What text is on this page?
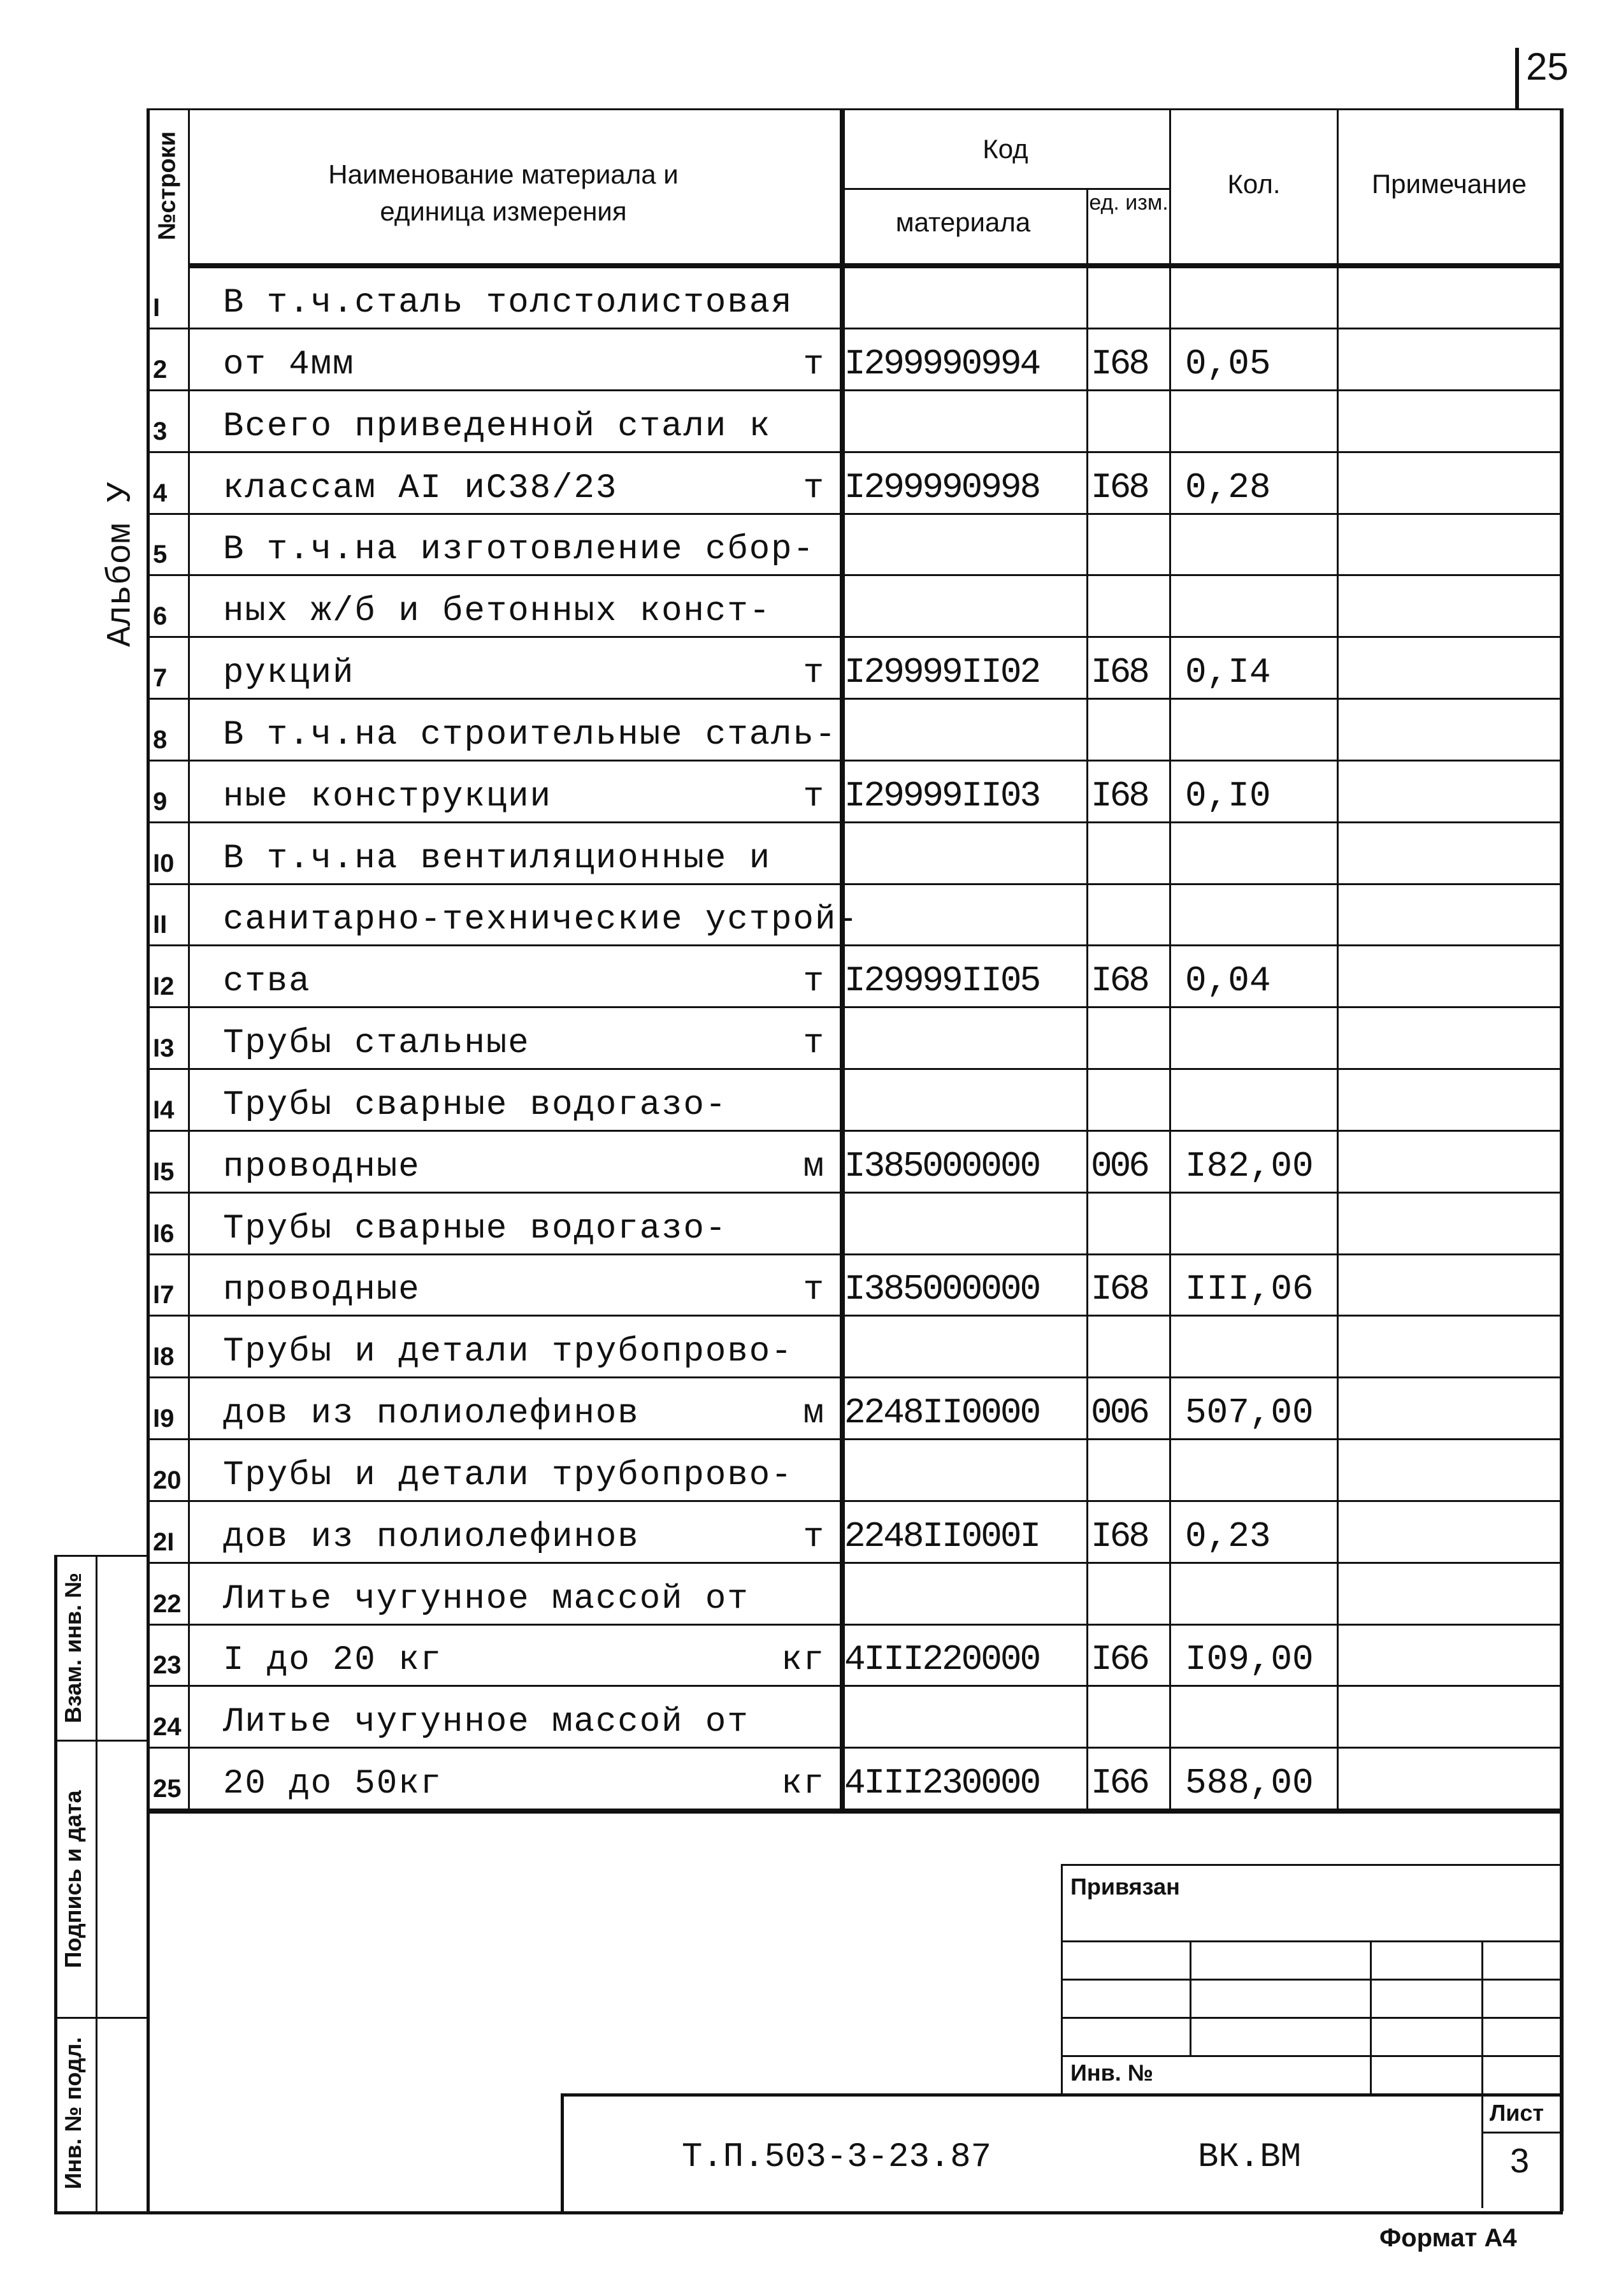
25
Альбом У
№строки	Наименование материала и единица измерения
Код
материала
ед. изм.
Кол.	Примечание
I В т.ч.сталь толстолистовая
2 от 4мм	т I299990994 I68 0,05
3 Всего приведенной стали к
4 классам AI иС38/23	т I299990998 I68 0,28
5 В т.ч.на изготовление сбор-
6 ных ж/б и бетонных конст-
7 рукций	т I29999II02 I68 0,I4
8 В т.ч.на строительные сталь-
9 ные конструкции	т I29999II03 I68 0,I0
I0 В т.ч.на вентиляционные и
II санитарно-технические устрой-
I2 ства	т I29999II05 I68 0,04
I3 Трубы стальные	т
I4 Трубы сварные водогазо-
I5 проводные	м I385000000 006 I82,00
I6 Трубы сварные водогазо-
I7 проводные	т I385000000 I68 III,06
I8 Трубы и детали трубопрово-
I9 дов из полиолефинов	м 2248II0000 006 507,00
20 Трубы и детали трубопрово-
2I дов из полиолефинов	т 2248II000I I68 0,23
22 Литье чугунное массой от
23 I до 20 кг	кг 4III220000 I66 I09,00
24 Литье чугунное массой от
25 20 до 50кг	кг 4III230000 I66 588,00
Взам. инв. №
Подпись и дата
Инв. № подл.
Привязан
Инв. №
Т.П.503-3-23.87	ВК.ВМ
Лист
3
Формат А4
